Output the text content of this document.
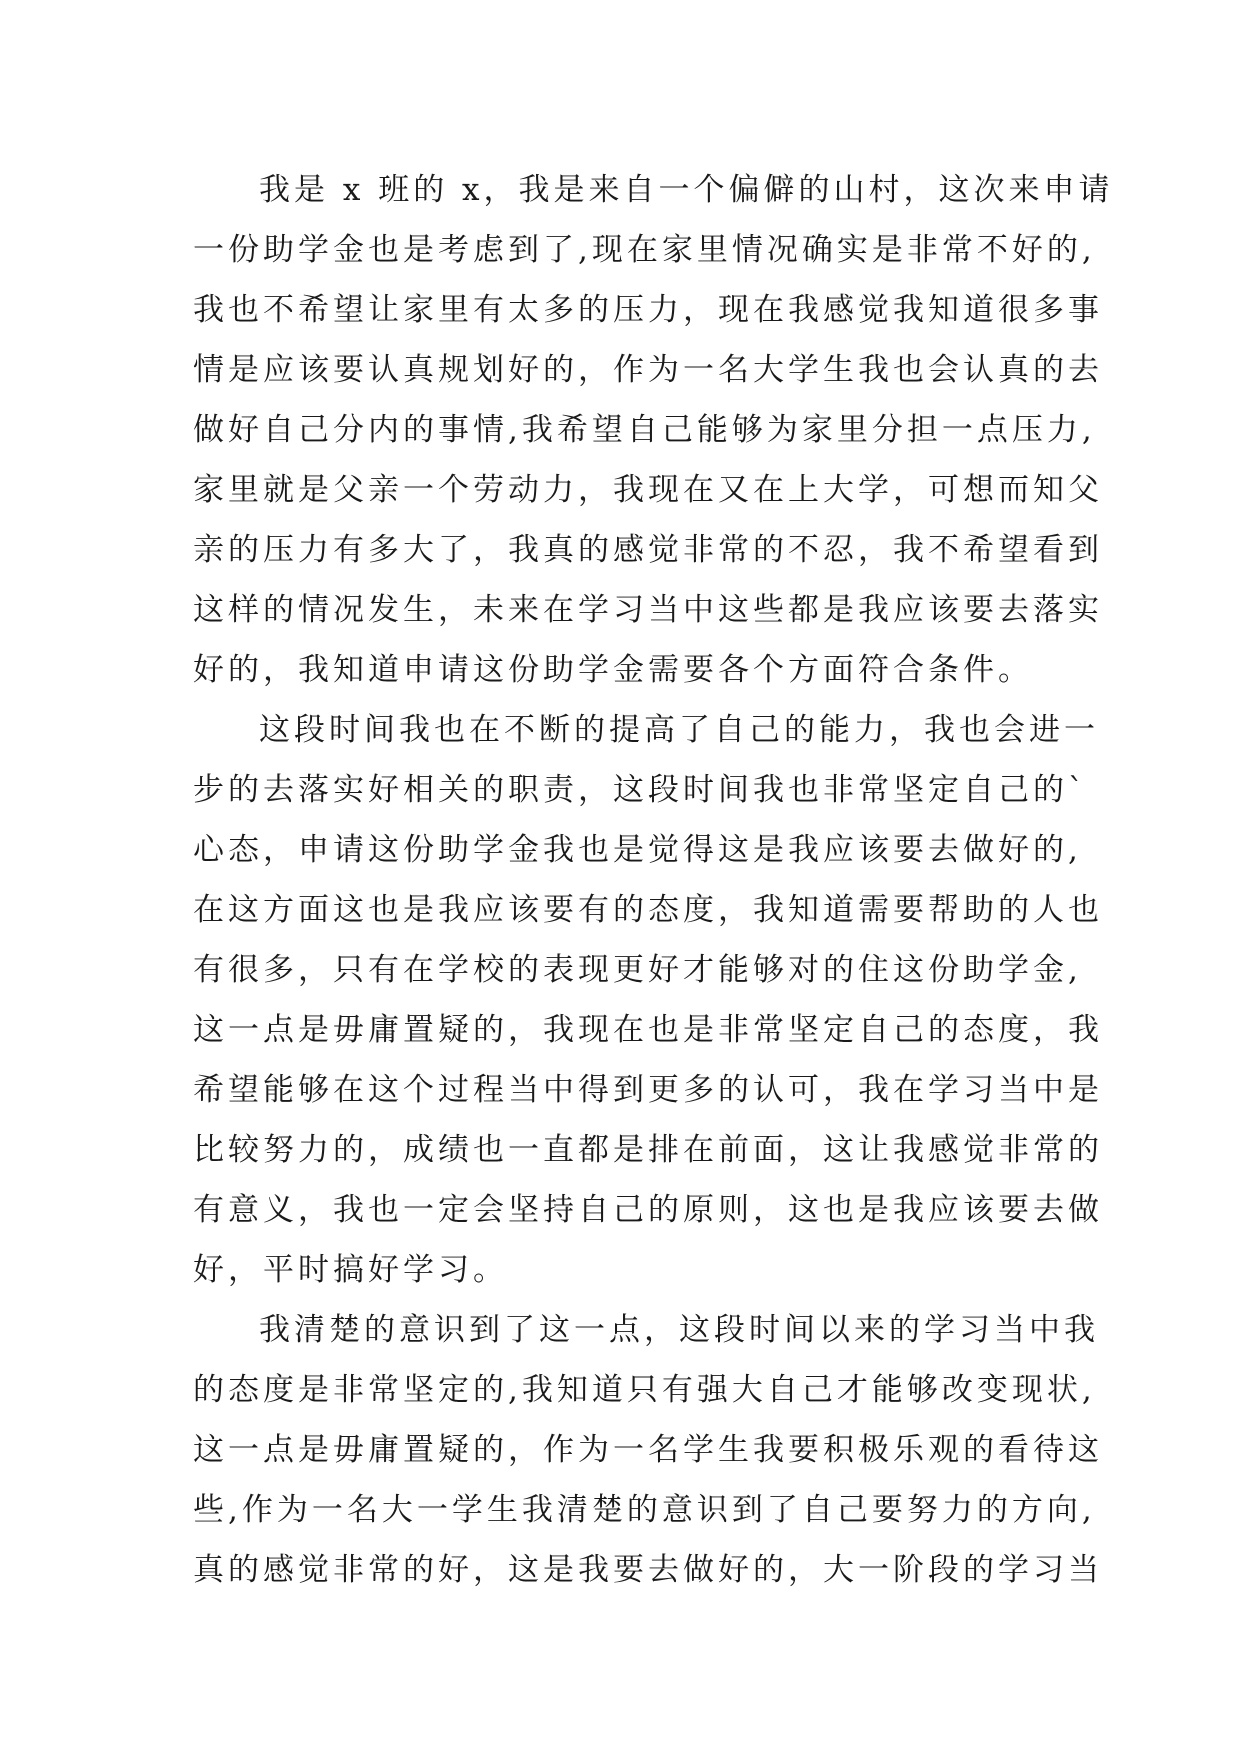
我是 x 班的 x，我是来自一个偏僻的山村，这次来申请

一份助学金也是考虑到了,现在家里情况确实是非常不好的,

我也不希望让家里有太多的压力，现在我感觉我知道很多事

情是应该要认真规划好的，作为一名大学生我也会认真的去

做好自己分内的事情,我希望自己能够为家里分担一点压力,

家里就是父亲一个劳动力，我现在又在上大学，可想而知父

亲的压力有多大了，我真的感觉非常的不忍，我不希望看到

这样的情况发生，未来在学习当中这些都是我应该要去落实

好的，我知道申请这份助学金需要各个方面符合条件。

这段时间我也在不断的提高了自己的能力，我也会进一

步的去落实好相关的职责，这段时间我也非常坚定自己的`

心态，申请这份助学金我也是觉得这是我应该要去做好的,

在这方面这也是我应该要有的态度，我知道需要帮助的人也

有很多，只有在学校的表现更好才能够对的住这份助学金,

这一点是毋庸置疑的，我现在也是非常坚定自己的态度，我

希望能够在这个过程当中得到更多的认可，我在学习当中是

比较努力的，成绩也一直都是排在前面，这让我感觉非常的

有意义，我也一定会坚持自己的原则，这也是我应该要去做

好，平时搞好学习。

我清楚的意识到了这一点，这段时间以来的学习当中我

的态度是非常坚定的,我知道只有强大自己才能够改变现状,

这一点是毋庸置疑的，作为一名学生我要积极乐观的看待这

些,作为一名大一学生我清楚的意识到了自己要努力的方向,

真的感觉非常的好，这是我要去做好的，大一阶段的学习当
